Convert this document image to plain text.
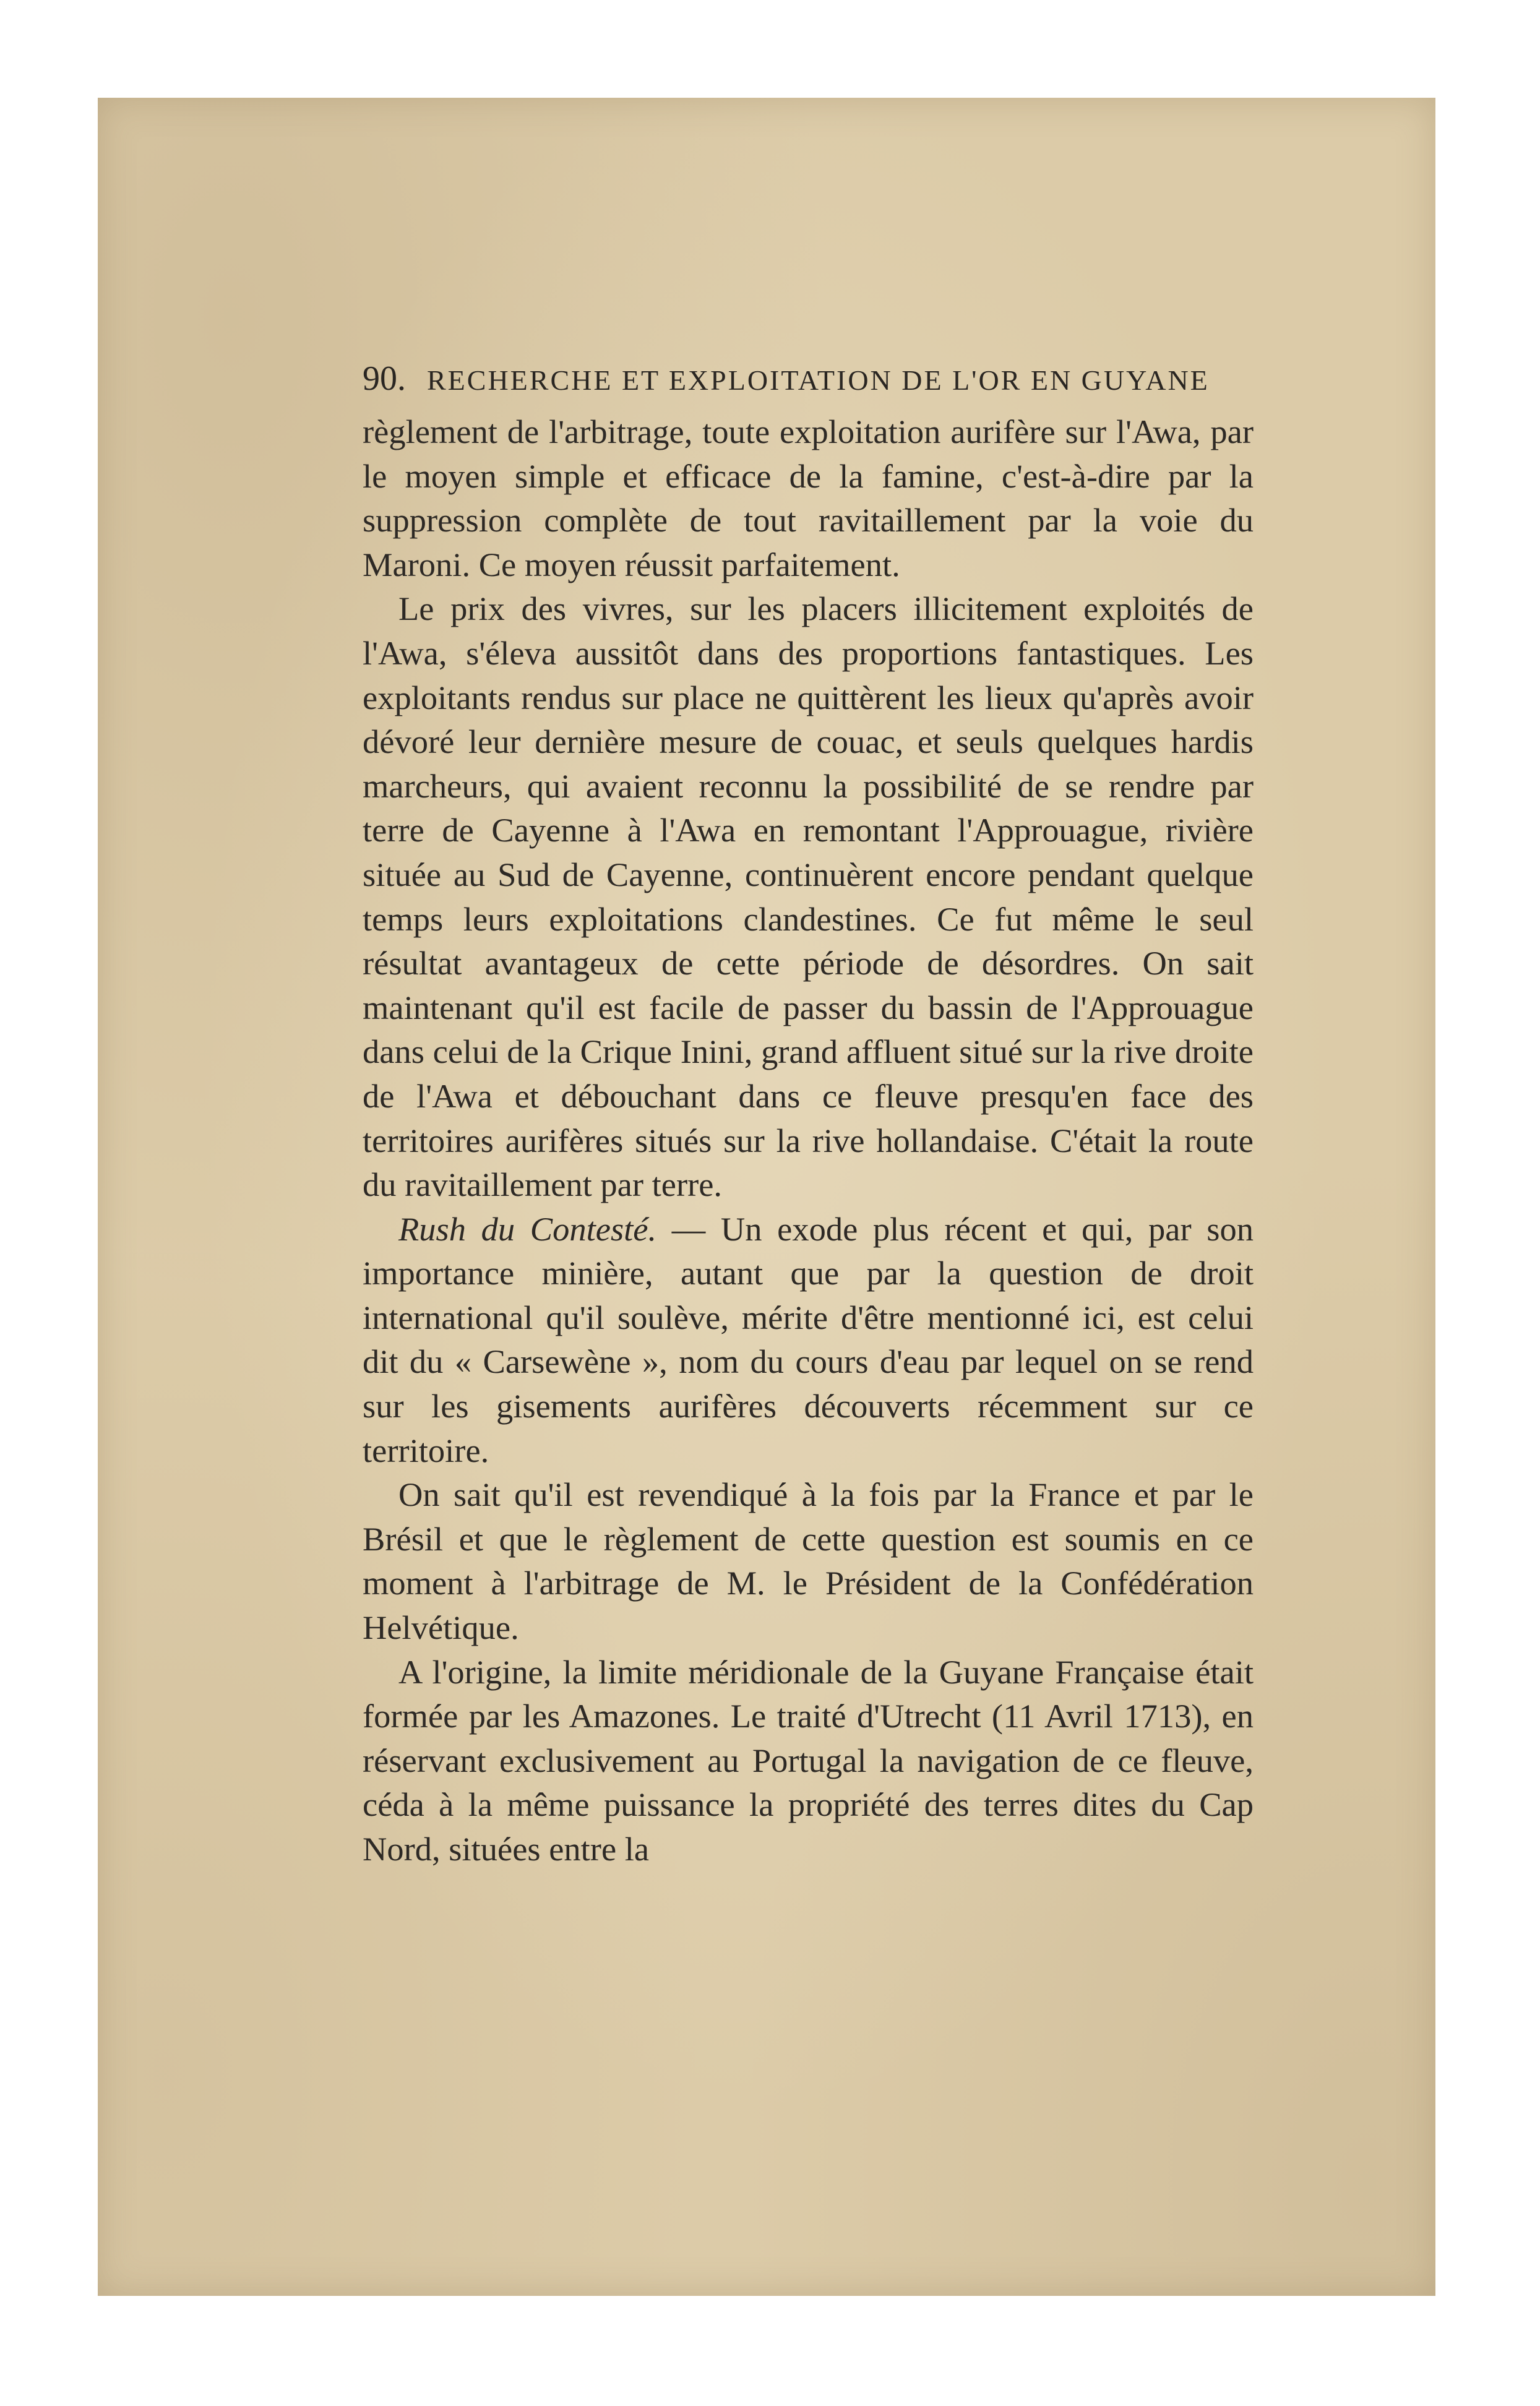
90. RECHERCHE ET EXPLOITATION DE L'OR EN GUYANE

règlement de l'arbitrage, toute exploitation aurifère sur l'Awa, par le moyen simple et efficace de la famine, c'est-à-dire par la suppression complète de tout ravitaillement par la voie du Maroni. Ce moyen réussit parfaitement.

Le prix des vivres, sur les placers illicitement exploités de l'Awa, s'éleva aussitôt dans des proportions fantastiques. Les exploitants rendus sur place ne quittèrent les lieux qu'après avoir dévoré leur dernière mesure de couac, et seuls quelques hardis marcheurs, qui avaient reconnu la possibilité de se rendre par terre de Cayenne à l'Awa en remontant l'Approuague, rivière située au Sud de Cayenne, continuèrent encore pendant quelque temps leurs exploitations clandestines. Ce fut même le seul résultat avantageux de cette période de désordres. On sait maintenant qu'il est facile de passer du bassin de l'Approuague dans celui de la Crique Inini, grand affluent situé sur la rive droite de l'Awa et débouchant dans ce fleuve presqu'en face des territoires aurifères situés sur la rive hollandaise. C'était la route du ravitaillement par terre.

Rush du Contesté. — Un exode plus récent et qui, par son importance minière, autant que par la question de droit international qu'il soulève, mérite d'être mentionné ici, est celui dit du « Carsewène », nom du cours d'eau par lequel on se rend sur les gisements aurifères découverts récemment sur ce territoire.

On sait qu'il est revendiqué à la fois par la France et par le Brésil et que le règlement de cette question est soumis en ce moment à l'arbitrage de M. le Président de la Confédération Helvétique.

A l'origine, la limite méridionale de la Guyane Française était formée par les Amazones. Le traité d'Utrecht (11 Avril 1713), en réservant exclusivement au Portugal la navigation de ce fleuve, céda à la même puissance la propriété des terres dites du Cap Nord, situées entre la
